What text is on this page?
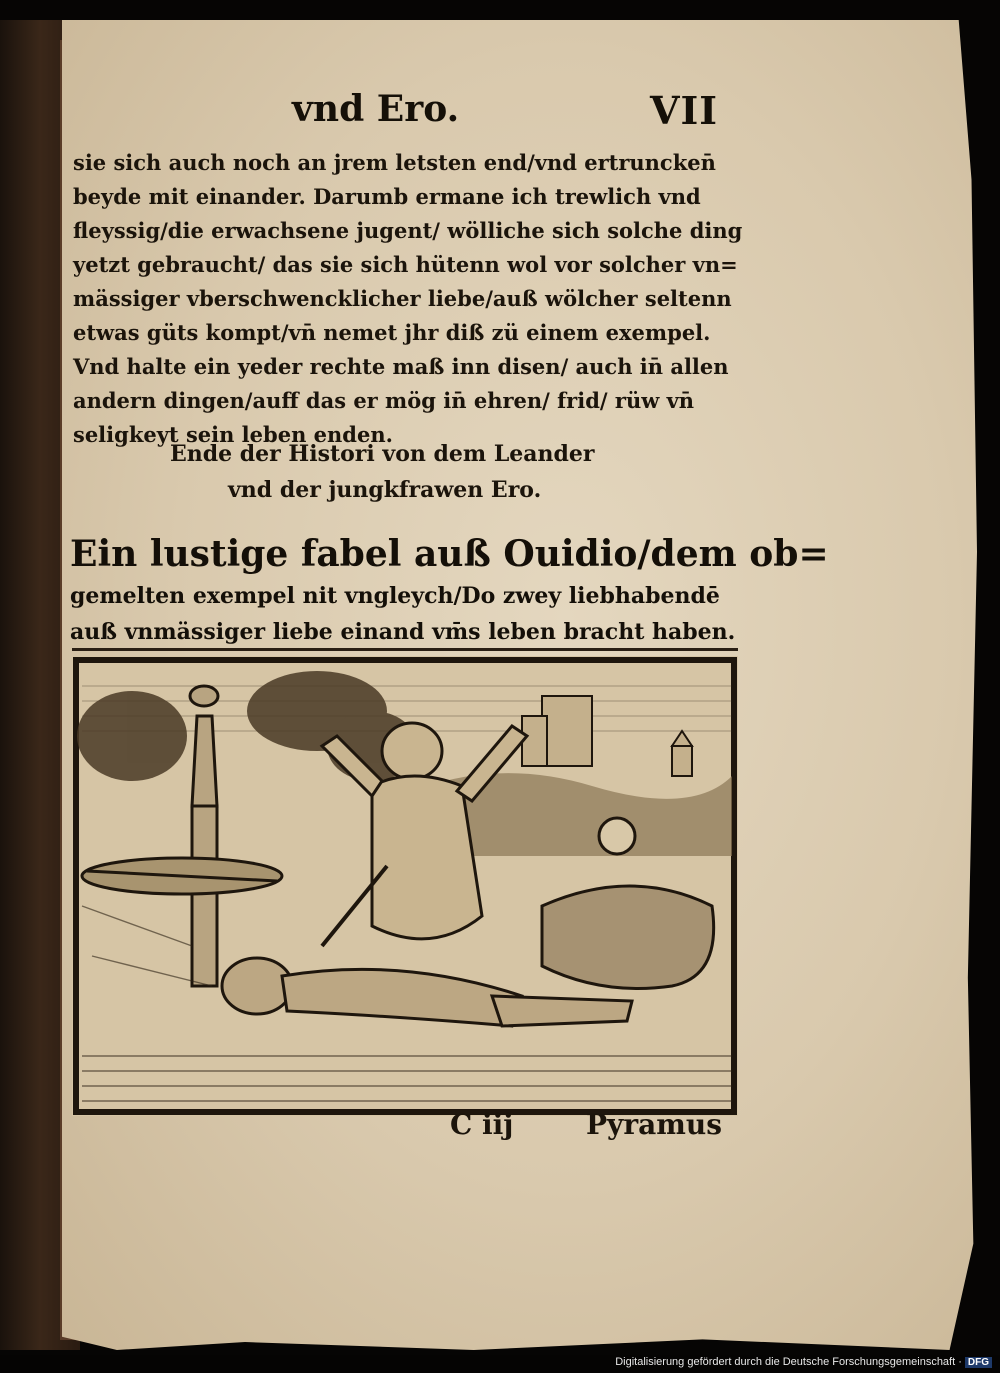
vnd Ero.	VII
sie sich auch noch an jrem letsten end/vnd ertruncken̄
beyde mit einander. Darumb ermane ich trewlich vnd
fleyssig/die erwachsene jugent/ wölliche sich solche ding
yetzt gebraucht/ das sie sich hütenn wol vor solcher vn=
mässiger vberschwencklicher liebe/auß wölcher seltenn
etwas güts kompt/vn̄ nemet jhr diß zü einem exempel.
Vnd halte ein yeder rechte maß inn disen/ auch in̄ allen
andern dingen/auff das er mög in̄ ehren/ frid/ rüw vn̄
seligkeyt sein leben enden.
Ende der Histori von dem Leander
vnd der jungkfrawen Ero.
Ein lustige fabel auß Ouidio/dem ob=
gemelten exempel nit vngleych/Do zwey liebhabendē
auß vnmässiger liebe einand vm̄s leben bracht haben.
C iij	Pyramus
Digitalisierung gefördert durch die Deutsche Forschungsgemeinschaft · DFG
